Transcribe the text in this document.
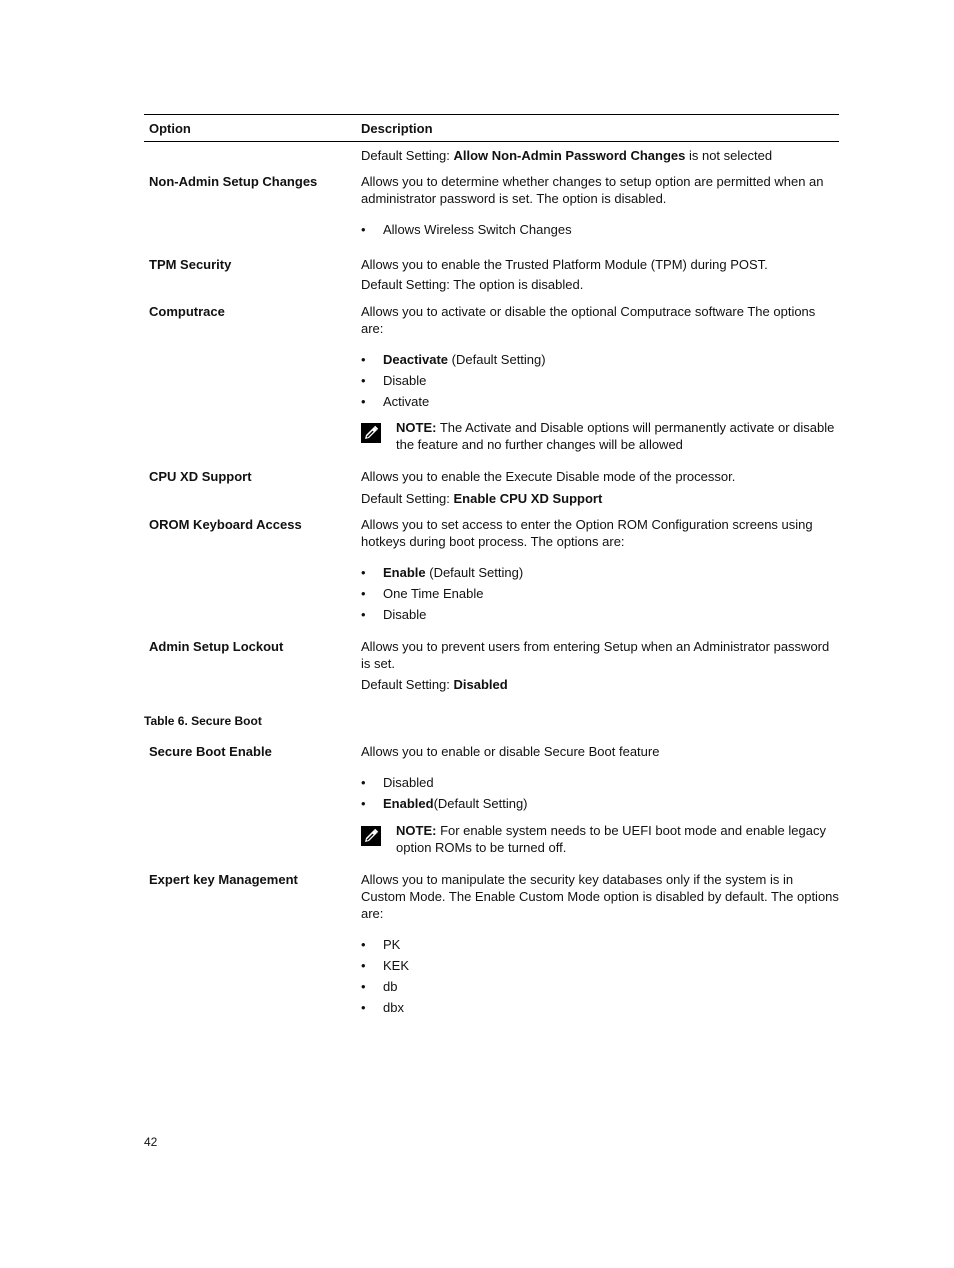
Option	Description

Default Setting: Allow Non-Admin Password Changes is not selected

Non-Admin Setup Changes	Allows you to determine whether changes to setup option are permitted when an administrator password is set. The option is disabled.

• Allows Wireless Switch Changes
TPM Security	Allows you to enable the Trusted Platform Module (TPM) during POST.

Default Setting: The option is disabled.

Computrace	Allows you to activate or disable the optional Computrace software The options are:

• Deactivate (Default Setting)
• Disable
• Activate

NOTE: The Activate and Disable options will permanently activate or disable the feature and no further changes will be allowed

CPU XD Support	Allows you to enable the Execute Disable mode of the processor.

Default Setting: Enable CPU XD Support

OROM Keyboard Access	Allows you to set access to enter the Option ROM Configuration screens using hotkeys during boot process. The options are:

• Enable (Default Setting)
• One Time Enable
• Disable
Admin Setup Lockout	Allows you to prevent users from entering Setup when an Administrator password is set.

Default Setting: Disabled

Table 6. Secure Boot
Secure Boot Enable	Allows you to enable or disable Secure Boot feature

• Disabled
• Enabled(Default Setting)

NOTE: For enable system needs to be UEFI boot mode and enable legacy option ROMs to be turned off.

Expert key Management	Allows you to manipulate the security key databases only if the system is in Custom Mode. The Enable Custom Mode option is disabled by default. The options are:

• PK
• KEK
• db
• dbx
42
